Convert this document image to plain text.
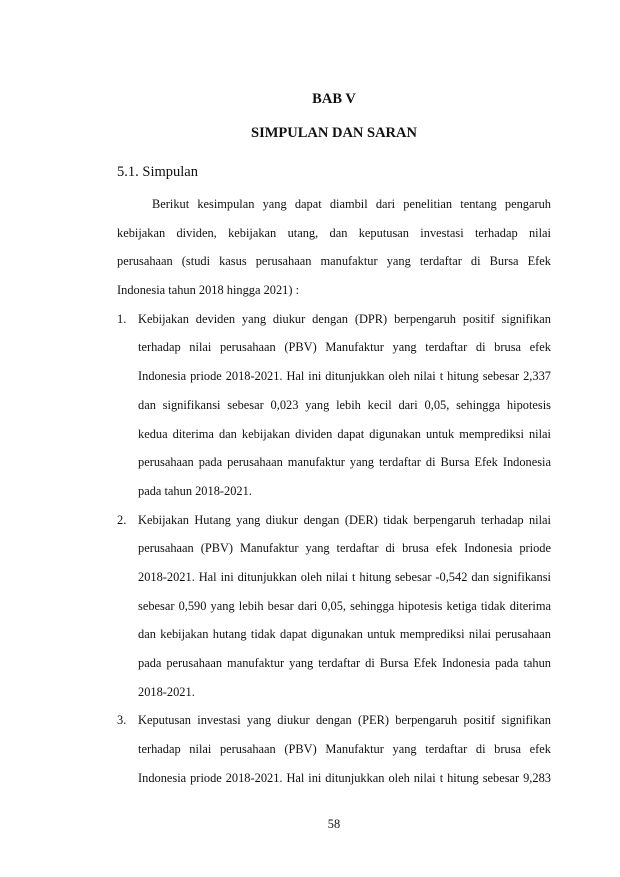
BAB V
SIMPULAN DAN SARAN
5.1. Simpulan
Berikut kesimpulan yang dapat diambil dari penelitian tentang pengaruh
kebijakan dividen, kebijakan utang, dan keputusan investasi terhadap nilai
perusahaan (studi kasus perusahaan manufaktur yang terdaftar di Bursa Efek
Indonesia tahun 2018 hingga 2021) :
1. Kebijakan deviden yang diukur dengan (DPR) berpengaruh positif signifikan
terhadap nilai perusahaan (PBV) Manufaktur yang terdaftar di brusa efek
Indonesia priode 2018-2021. Hal ini ditunjukkan oleh nilai t hitung sebesar 2,337
dan signifikansi sebesar 0,023 yang lebih kecil dari 0,05, sehingga hipotesis
kedua diterima dan kebijakan dividen dapat digunakan untuk memprediksi nilai
perusahaan pada perusahaan manufaktur yang terdaftar di Bursa Efek Indonesia
pada tahun 2018-2021.
2. Kebijakan Hutang yang diukur dengan (DER) tidak berpengaruh terhadap nilai
perusahaan (PBV) Manufaktur yang terdaftar di brusa efek Indonesia priode
2018-2021. Hal ini ditunjukkan oleh nilai t hitung sebesar -0,542 dan signifikansi
sebesar 0,590 yang lebih besar dari 0,05, sehingga hipotesis ketiga tidak diterima
dan kebijakan hutang tidak dapat digunakan untuk memprediksi nilai perusahaan
pada perusahaan manufaktur yang terdaftar di Bursa Efek Indonesia pada tahun
2018-2021.
3. Keputusan investasi yang diukur dengan (PER) berpengaruh positif signifikan
terhadap nilai perusahaan (PBV) Manufaktur yang terdaftar di brusa efek
Indonesia priode 2018-2021. Hal ini ditunjukkan oleh nilai t hitung sebesar 9,283
58
